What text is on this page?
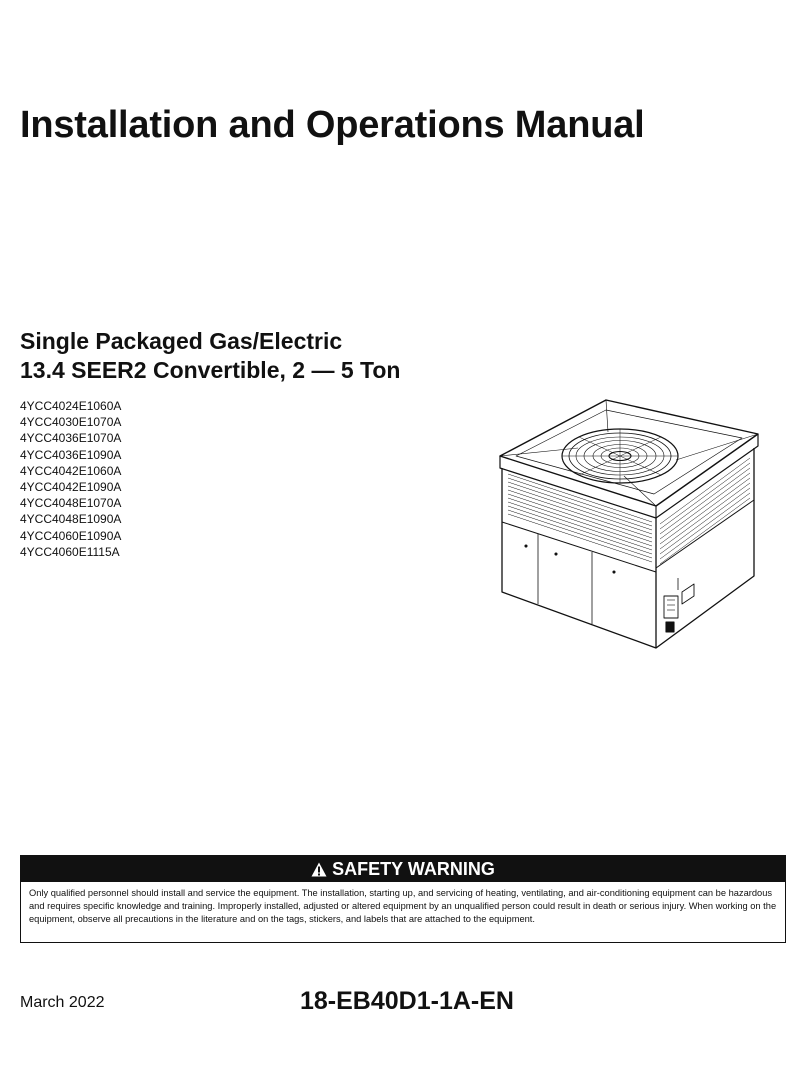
Installation and Operations Manual
Single Packaged Gas/Electric
13.4 SEER2 Convertible, 2 — 5 Ton
4YCC4024E1060A
4YCC4030E1070A
4YCC4036E1070A
4YCC4036E1090A
4YCC4042E1060A
4YCC4042E1090A
4YCC4048E1070A
4YCC4048E1090A
4YCC4060E1090A
4YCC4060E1115A
SAFETY WARNING

Only qualified personnel should install and service the equipment. The installation, starting up, and servicing of heating, ventilating, and air-conditioning equipment can be hazardous and requires specific knowledge and training. Improperly installed, adjusted or altered equipment by an unqualified person could result in death or serious injury. When working on the equipment, observe all precautions in the literature and on the tags, stickers, and labels that are attached to the equipment.

March 2022	18-EB40D1-1A-EN
